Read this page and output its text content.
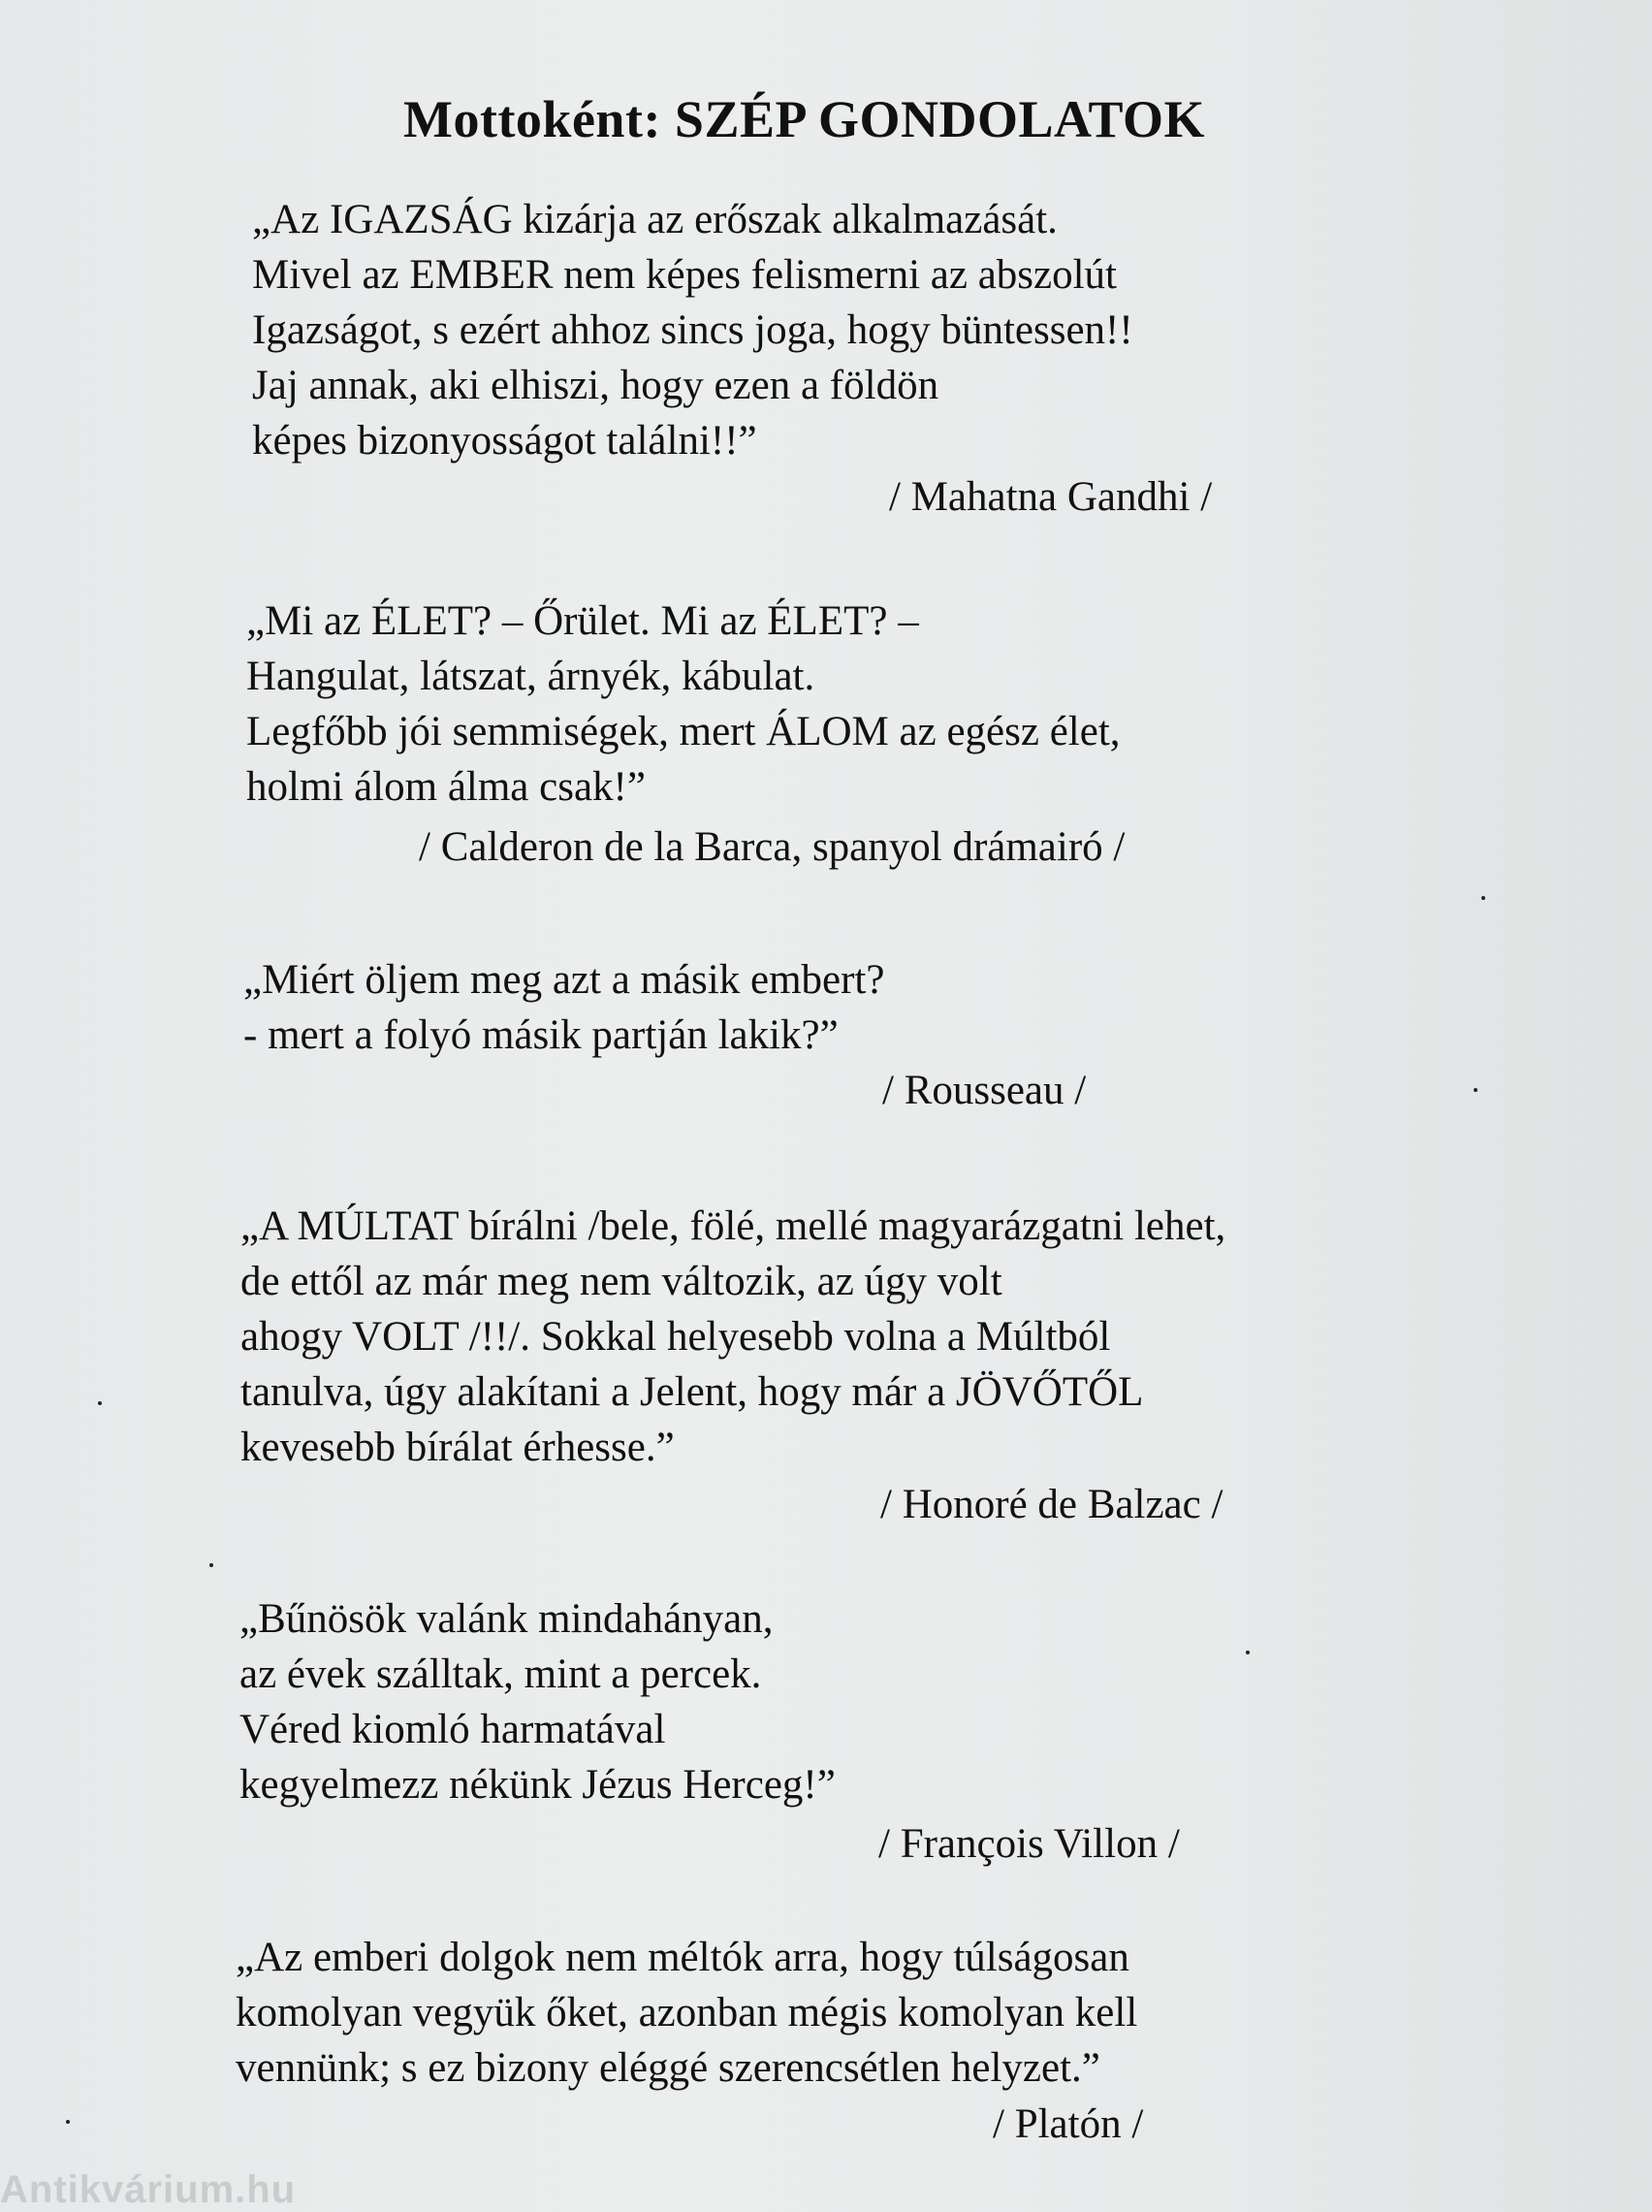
Mottoként: SZÉP GONDOLATOK
„Az IGAZSÁG kizárja az erőszak alkalmazását.
Mivel az EMBER nem képes felismerni az abszolút
Igazságot, s ezért ahhoz sincs joga, hogy büntessen!!
Jaj annak, aki elhiszi, hogy ezen a földön
képes bizonyosságot találni!!”
/ Mahatna Gandhi /
„Mi az ÉLET? – Őrület. Mi az ÉLET? –
Hangulat, látszat, árnyék, kábulat.
Legfőbb jói semmiségek, mert ÁLOM az egész élet,
holmi álom álma csak!”
/ Calderon de la Barca, spanyol drámairó /
„Miért öljem meg azt a másik embert?
- mert a folyó másik partján lakik?”
/ Rousseau /
„A MÚLTAT bírálni /bele, fölé, mellé magyarázgatni lehet,
de ettől az már meg nem változik, az úgy volt
ahogy VOLT /!!/. Sokkal helyesebb volna a Múltból
tanulva, úgy alakítani a Jelent, hogy már a JÖVŐTŐL
kevesebb bírálat érhesse.”
/ Honoré de Balzac /
„Bűnösök valánk mindahányan,
az évek szálltak, mint a percek.
Véred kiomló harmatával
kegyelmezz nékünk Jézus Herceg!”
/ François Villon /
„Az emberi dolgok nem méltók arra, hogy túlságosan
komolyan vegyük őket, azonban mégis komolyan kell
vennünk; s ez bizony eléggé szerencsétlen helyzet.”
/ Platón /
Antikvárium.hu
